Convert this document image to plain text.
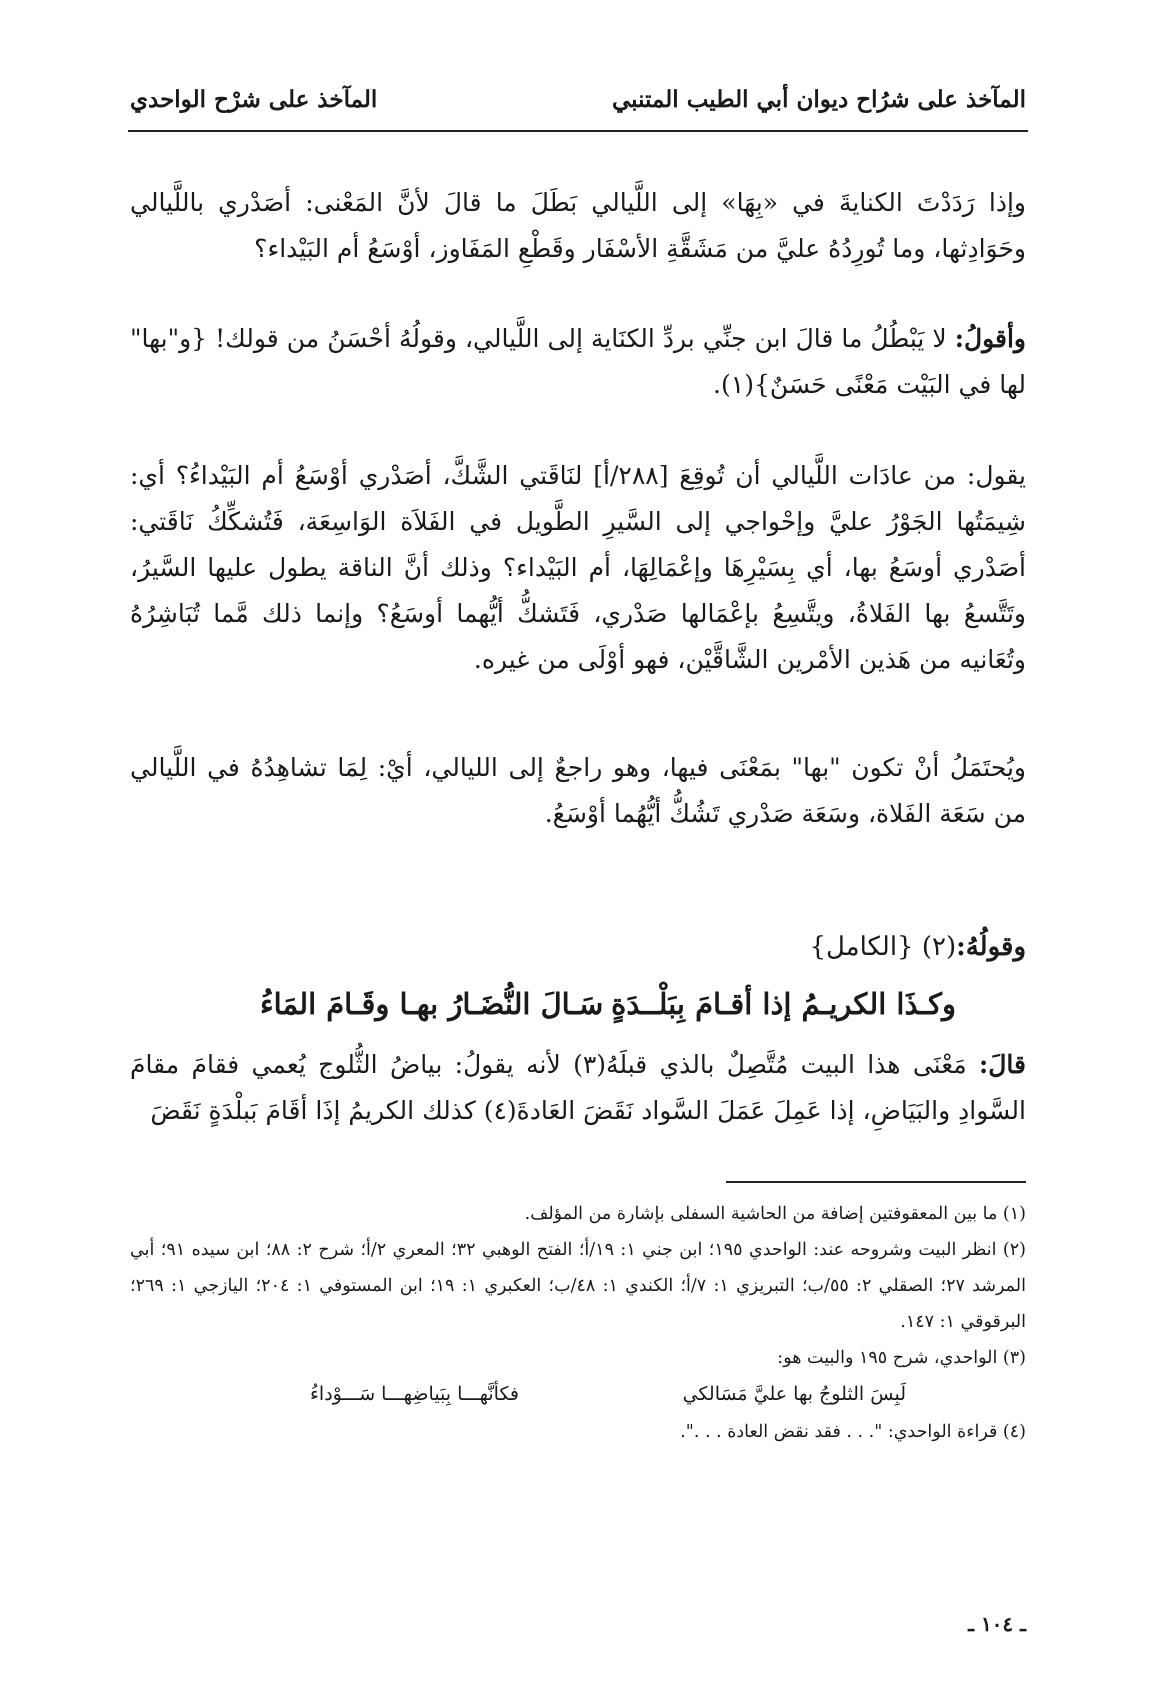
المآخذ على شرُاح ديوان أبي الطيب المتنبي
المآخذ على شرْح الواحدي

وإذا رَدَدْتَ الكنايةَ في «بِهَا» إلى اللَّيالي بَطَلَ ما قالَ لأنَّ المَعْنى: أصَدْري باللَّيالي وحَوَادِثها، وما تُورِدُهُ عليَّ من مَشَقَّةِ الأسْفَار وقَطْعِ المَفَاوز، أوْسَعُ أم البَيْداء؟

وأقولُ: لا يَبْطُلُ ما قالَ ابن جنِّي بردِّ الكنَاية إلى اللَّيالي، وقولُهُ أحْسَنُ من قولك! {و"بها" لها في البَيْت مَعْنًى حَسَنٌ}(١).

يقول: من عادَات اللَّيالي أن تُوقِعَ [٢٨٨/أ] لنَاقَتي الشَّكَّ، أصَدْري أوْسَعُ أم البَيْداءُ؟ أي: شِيمَتُها الجَوْرُ عليَّ وإحْواجي إلى السَّيرِ الطَّويل في الفَلاَة الوَاسِعَة، فَتُشكِّكُ نَاقَتي: أصَدْري أوسَعُ بها، أي بِسَيْرِهَا وإعْمَالِهَا، أم البَيْداء؟ وذلك أنَّ الناقة يطول عليها السَّيرُ، وتَتَّسعُ بها الفَلاةُ، ويتَّسِعُ بإعْمَالها صَدْري، فَتَشكُّ أيُّهما أوسَعُ؟ وإنما ذلك مَّما تُبَاشِرُهُ وتُعَانيه من هَذين الأمْرين الشَّاقَّيْن، فهو أوْلَى من غيره.

ويُحتَمَلُ أنْ تكون "بها" بمَعْنَى فيها، وهو راجعٌ إلى الليالي، أيْ: لِمَا تشاهِدُهُ في اللَّيالي من سَعَة الفَلاة، وسَعَة صَدْري تَشُكُّ أيُّهُما أوْسَعُ.

وقولُهُ:(٢) {الكامل}
وكـذَا الكريـمُ إذا أقـامَ بِبَلْــدَةٍ
سَـالَ النُّضَـارُ بهـا وقَـامَ المَاءُ

قالَ: مَعْنَى هذا البيت مُتَّصِلٌ بالذي قبلَهُ(٣) لأنه يقولُ: بياضُ الثُّلوج يُعمي فقامَ مقامَ السَّوادِ والبَيَاضِ، إذا عَمِلَ عَمَلَ السَّواد نَقَضَ العَادةَ(٤) كذلك الكريمُ إذَا أقَامَ بَبلْدَةٍ نَقَضَ

(١) ما بين المعقوفتين إضافة من الحاشية السفلى بإشارة من المؤلف.

(٢) انظر البيت وشروحه عند: الواحدي ١٩٥؛ ابن جني ١: ١٩/أ؛ الفتح الوهبي ٣٢؛ المعري ٢/أ؛ شرح ٢: ٨٨؛ ابن سيده ٩١؛ أبي المرشد ٢٧؛ الصقلي ٢: ٥٥/ب؛ التبريزي ١: ٧/أ؛ الكندي ١: ٤٨/ب؛ العكبري ١: ١٩؛ ابن المستوفي ١: ٢٠٤؛ اليازجي ١: ٢٦٩؛ البرقوقي ١: ١٤٧.

(٣) الواحدي، شرح ١٩٥ والبيت هو:

لَبِسَ الثلوجُ بها عليَّ مَسَالكي
فكأنَّهـــا بِبَياضِهـــا سَـــوْداءُ

(٤) قراءة الواحدي: ". . . فقد نقض العادة . . .".

ـ ١٠٤ ـ
